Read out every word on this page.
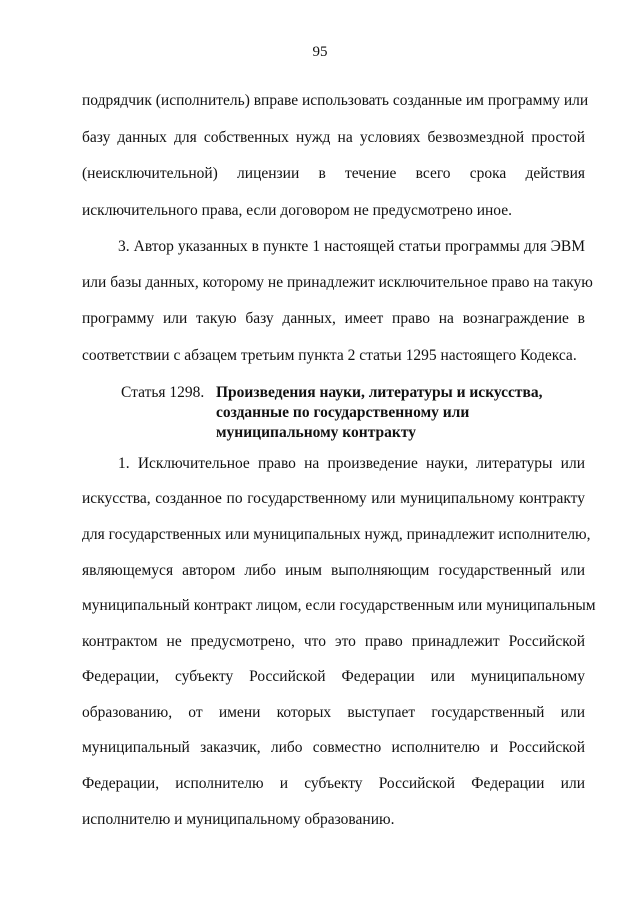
95
подрядчик (исполнитель) вправе использовать созданные им программу или
базу данных для собственных нужд на условиях безвозмездной простой
(неисключительной) лицензии в течение всего срока действия
исключительного права, если договором не предусмотрено иное.
3. Автор указанных в пункте 1 настоящей статьи программы для ЭВМ
или базы данных, которому не принадлежит исключительное право на такую
программу или такую базу данных, имеет право на вознаграждение в
соответствии с абзацем третьим пункта 2 статьи 1295 настоящего Кодекса.
Статья 1298. Произведения науки, литературы и искусства,
созданные по государственному или
муниципальному контракту
1. Исключительное право на произведение науки, литературы или
искусства, созданное по государственному или муниципальному контракту
для государственных или муниципальных нужд, принадлежит исполнителю,
являющемуся автором либо иным выполняющим государственный или
муниципальный контракт лицом, если государственным или муниципальным
контрактом не предусмотрено, что это право принадлежит Российской
Федерации, субъекту Российской Федерации или муниципальному
образованию, от имени которых выступает государственный или
муниципальный заказчик, либо совместно исполнителю и Российской
Федерации, исполнителю и субъекту Российской Федерации или
исполнителю и муниципальному образованию.
